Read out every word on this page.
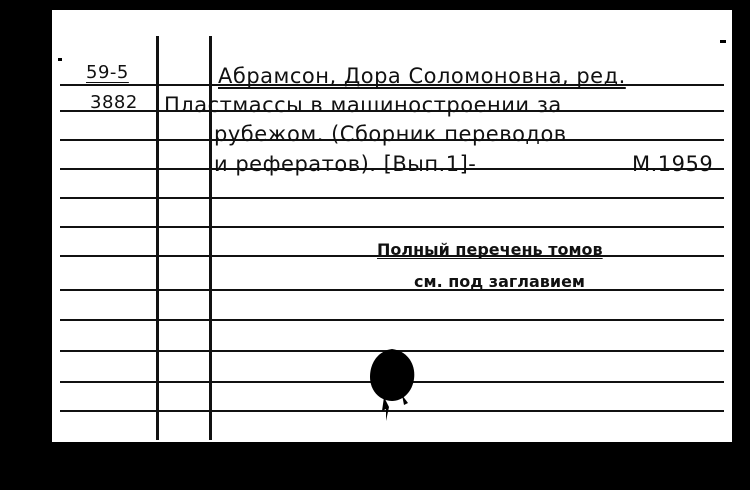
59-5
3882
Абрамсон, Дора Соломоновна, ред.
Пластмассы в машиностроении за
рубежом. (Сборник переводов
и рефератов). [Вып.1]-	М.1959
Полный перечень томов
см. под заглавием
